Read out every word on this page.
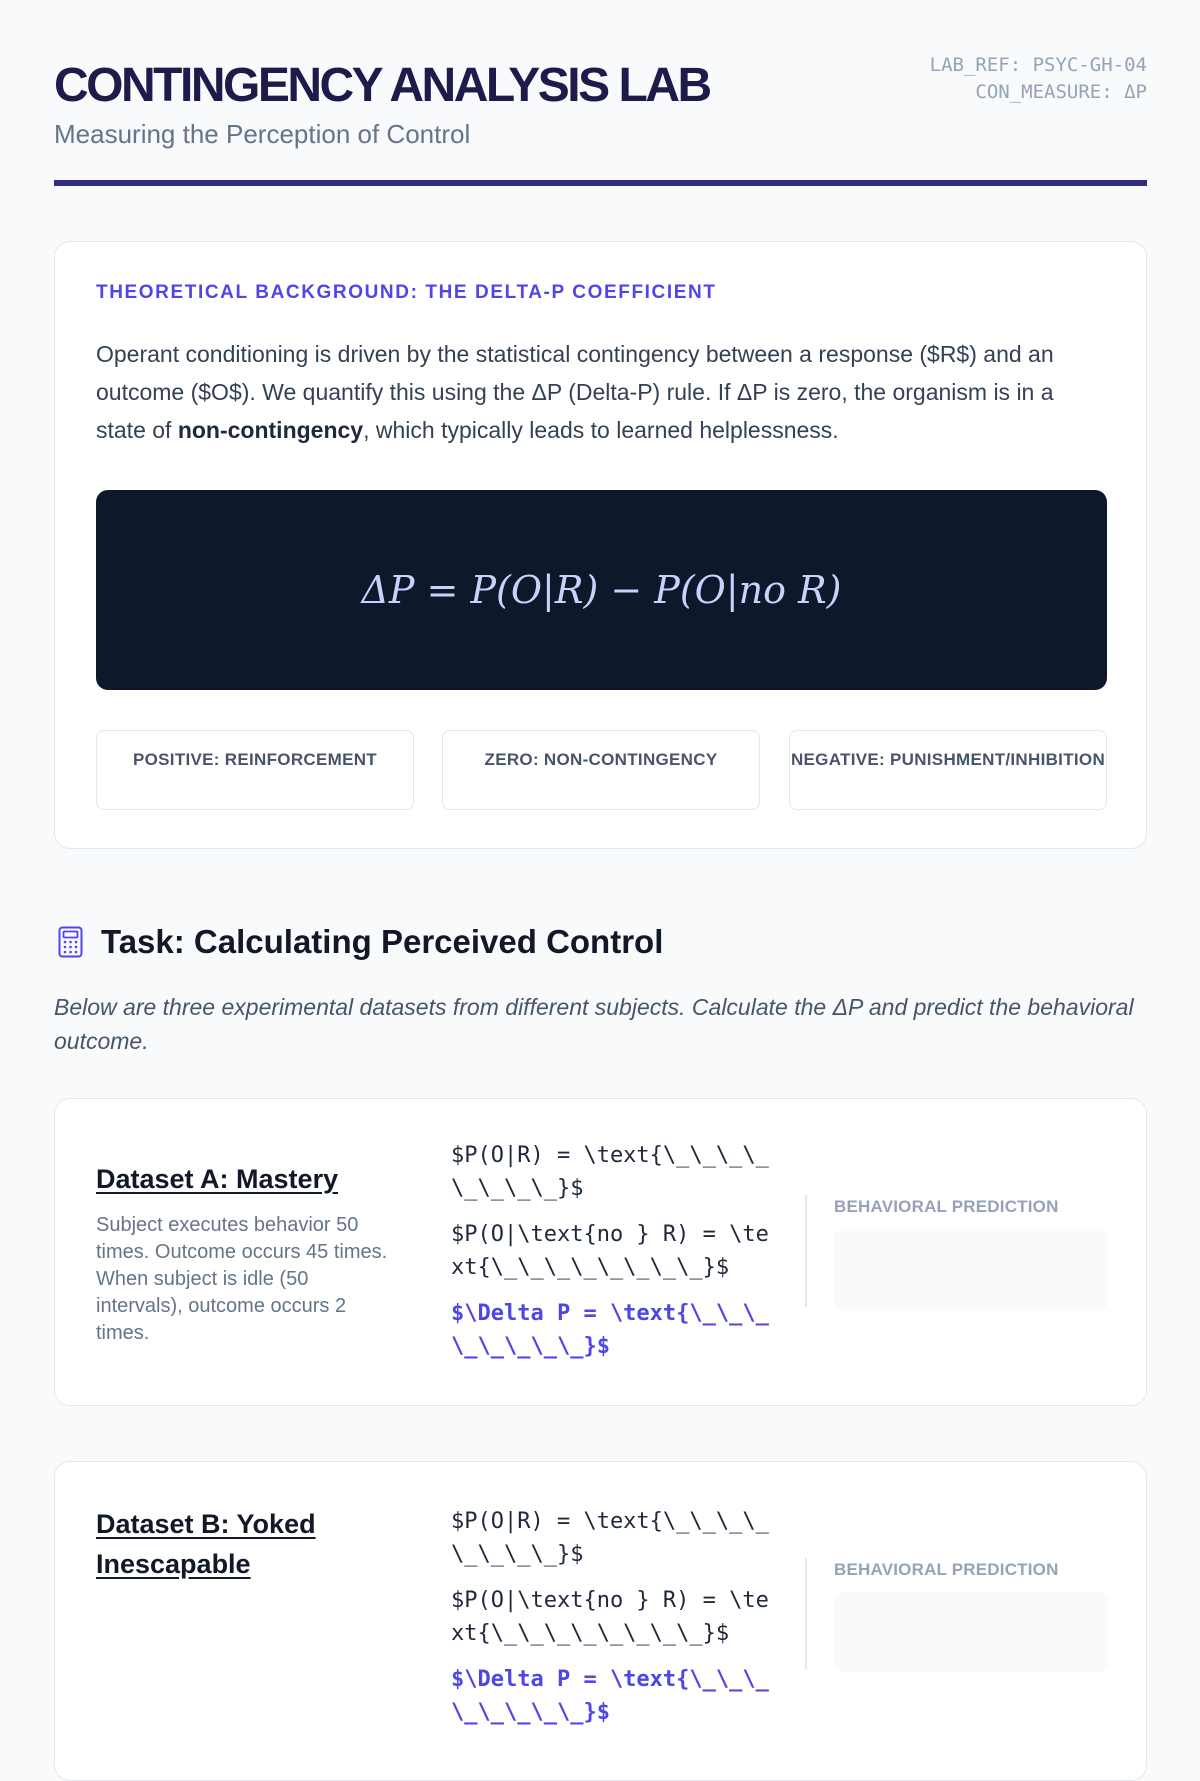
CONTINGENCY ANALYSIS LAB
Measuring the Perception of Control
LAB_REF: PSYC-GH-04
CON_MEASURE: ΔP
THEORETICAL BACKGROUND: THE DELTA-P COEFFICIENT

Operant conditioning is driven by the statistical contingency between a response ($R$) and an outcome ($O$). We quantify this using the ΔP (Delta-P) rule. If ΔP is zero, the organism is in a state of non-contingency, which typically leads to learned helplessness.

ΔP = P(O|R) − P(O|no R)
POSITIVE: REINFORCEMENT	ZERO: NON-CONTINGENCY	NEGATIVE: PUNISHMENT/INHIBITION
Task: Calculating Perceived Control

Below are three experimental datasets from different subjects. Calculate the ΔP and predict the behavioral outcome.

Dataset A: Mastery

Subject executes behavior 50 times. Outcome occurs 45 times. When subject is idle (50 intervals), outcome occurs 2 times.

$P(O|R) = \text{\_\_\_\_\_\_\_\_}$
$P(O|\text{no } R) = \text{\_\_\_\_\_\_\_\_}$
$\Delta P = \text{\_\_\_\_\_\_\_\_}$
BEHAVIORAL PREDICTION
Dataset B: Yoked Inescapable

$P(O|R) = \text{\_\_\_\_\_\_\_\_}$
$P(O|\text{no } R) = \text{\_\_\_\_\_\_\_\_}$
$\Delta P = \text{\_\_\_\_\_\_\_\_}$
BEHAVIORAL PREDICTION
